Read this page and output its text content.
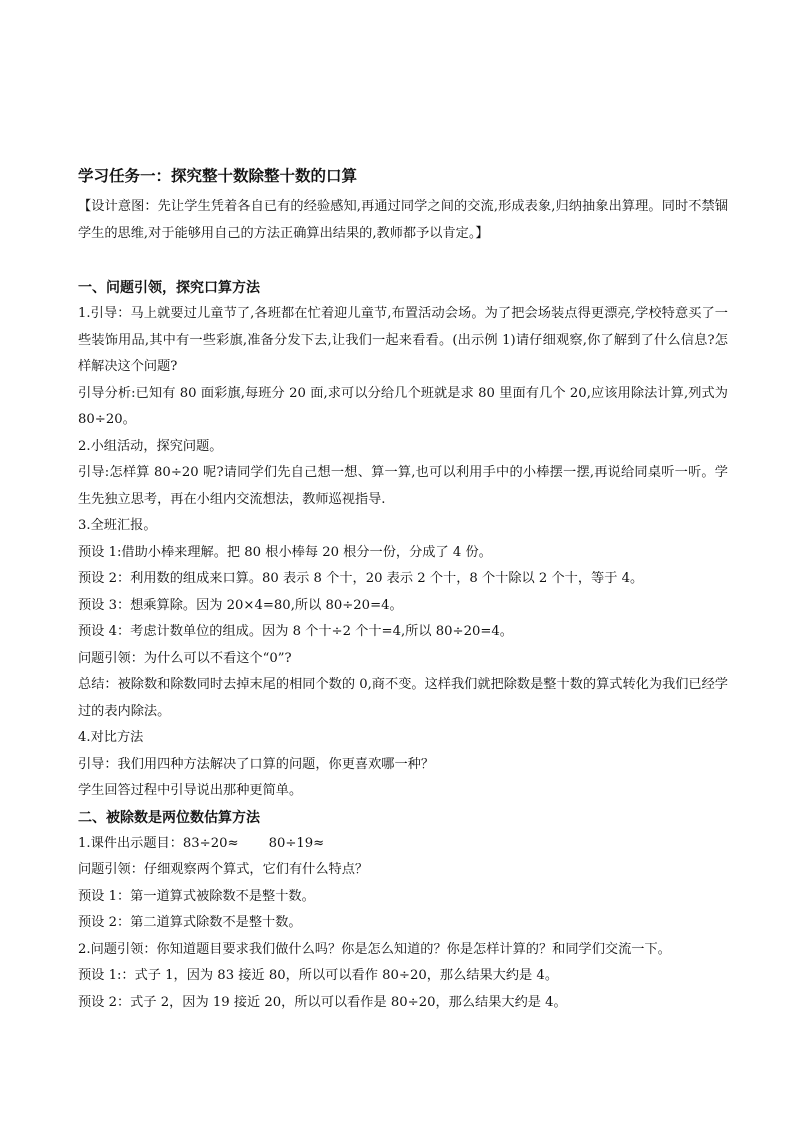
学习任务一：探究整十数除整十数的口算

【设计意图：先让学生凭着各自已有的经验感知,再通过同学之间的交流,形成表象,归纳抽象出算理。同时不禁锢学生的思维,对于能够用自己的方法正确算出结果的,教师都予以肯定。】

一、问题引领，探究口算方法

1.引导：马上就要过儿童节了,各班都在忙着迎儿童节,布置活动会场。为了把会场装点得更漂亮,学校特意买了一些装饰用品,其中有一些彩旗,准备分发下去,让我们一起来看看。(出示例 1)请仔细观察,你了解到了什么信息?怎样解决这个问题?

引导分析:已知有 80 面彩旗,每班分 20 面,求可以分给几个班就是求 80 里面有几个 20,应该用除法计算,列式为 80÷20。

2.小组活动，探究问题。

引导:怎样算 80÷20 呢?请同学们先自己想一想、算一算,也可以利用手中的小棒摆一摆,再说给同桌听一听。学生先独立思考，再在小组内交流想法，教师巡视指导.

3.全班汇报。

预设 1:借助小棒来理解。把 80 根小棒每 20 根分一份，分成了 4 份。

预设 2：利用数的组成来口算。80 表示 8 个十，20 表示 2 个十，8 个十除以 2 个十，等于 4。

预设 3：想乘算除。因为 20×4=80,所以 80÷20=4。

预设 4：考虑计数单位的组成。因为 8 个十÷2 个十=4,所以 80÷20=4。

问题引领：为什么可以不看这个“0”?

总结：被除数和除数同时去掉末尾的相同个数的 0,商不变。这样我们就把除数是整十数的算式转化为我们已经学过的表内除法。

4.对比方法

引导：我们用四种方法解决了口算的问题，你更喜欢哪一种？

学生回答过程中引导说出那种更简单。

二、被除数是两位数估算方法

1.课件出示题目：83÷20≈ 80÷19≈

问题引领：仔细观察两个算式，它们有什么特点？

预设 1：第一道算式被除数不是整十数。

预设 2：第二道算式除数不是整十数。

2.问题引领：你知道题目要求我们做什么吗？你是怎么知道的？你是怎样计算的？和同学们交流一下。

预设 1:：式子 1，因为 83 接近 80，所以可以看作 80÷20，那么结果大约是 4。

预设 2：式子 2，因为 19 接近 20，所以可以看作是 80÷20，那么结果大约是 4。
